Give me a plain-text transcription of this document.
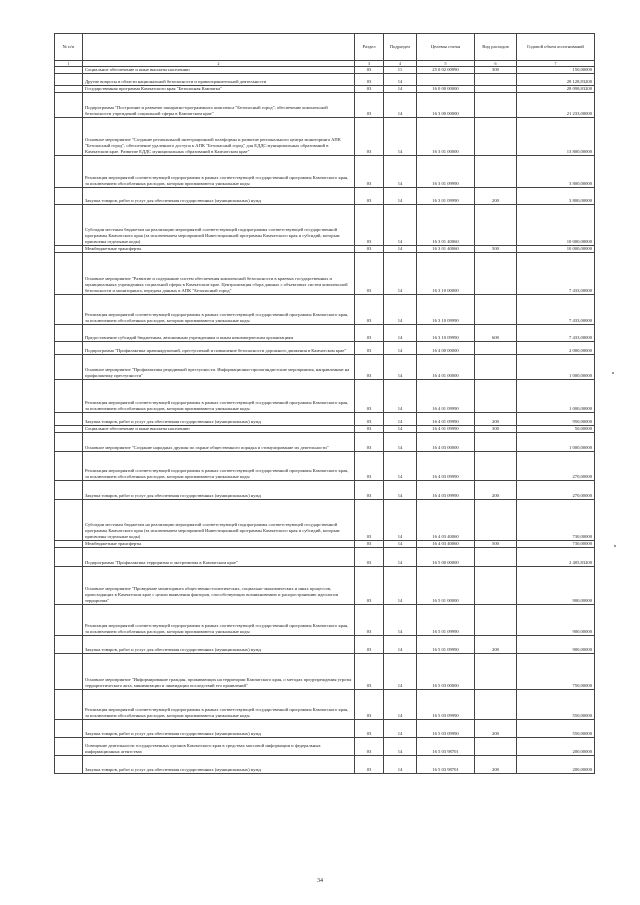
№ п/п		Раздел	Подраздел	Целевая статья	Вид расходов	Годовой объем ассигнований
1	2	3	4	5	6	7
	Социальное обеспечение и иные выплаты населению	03	11	25 0 02 00990	300	150,00000
	Другие вопросы в области национальной безопасности и правоохранительной деятельности	03	14			28 128,83200
	Государственная программа Камчатского края "Безопасная Камчатка"	03	14	16 0 00 00000		28 098,83200
	Подпрограмма "Построение и развитие аппаратно-программного комплекса "Безопасный город", обеспечение комплексной безопасности учреждений социальной сферы в Камчатском крае"	03	14	16 3 00 00000		21 233,00000
	Основное мероприятие "Создание региональной интеграционной платформы и развитие регионального центра мониторинга АПК "Безопасный город", обеспечение удаленного доступа к АПК "Безопасный город" для ЕДДС муниципальных образований в Камчатском крае. Развитие ЕДДС муниципальных образований в Камчатском крае"	03	14	16 3 01 00000		13 800,00000
	Реализация мероприятий соответствующей подпрограммы в рамках соответствующей государственной программы Камчатского края, за исключением обособленных расходов, которым присваиваются уникальные коды	03	14	16 3 01 09990		3 800,00000
	Закупка товаров, работ и услуг для обеспечения государственных (муниципальных) нужд	03	14	16 3 01 09990	200	3 800,00000
	Субсидии местным бюджетам на реализацию мероприятий соответствующей подпрограммы соответствующей государственной программы Камчатского края (за исключением мероприятий Инвестиционной программы Камчатского края и субсидий, которым присвоены отдельные коды)	03	14	16 3 01 40060		10 000,00000
	Межбюджетные трансферты	03	14	16 3 01 40060	500	10 000,00000
	Основное мероприятие "Развитие и содержание систем обеспечения комплексной безопасности в краевых государственных и муниципальных учреждениях социальной сферы в Камчатском крае. Централизация сбора данных с объектовых систем комплексной безопасности и мониторинга, передача данных в АПК "Безопасный город"	03	14	16 3 10 00000		7 433,00000
	Реализация мероприятий соответствующей подпрограммы в рамках соответствующей государственной программы Камчатского края, за исключением обособленных расходов, которым присваиваются уникальные коды	03	14	16 3 10 09990		7 433,00000
	Предоставление субсидий бюджетным, автономным учреждениям и иным некоммерческим организациям	03	14	16 3 10 09990	600	7 433,00000
	Подпрограмма "Профилактика правонарушений, преступлений и повышение безопасности дорожного движения в Камчатском крае"	03	14	16 4 00 00000		2 000,00000
	Основное мероприятие "Профилактика рецидивной преступности. Информационно-пропагандистские мероприятия, направленные на профилактику преступности"	03	14	16 4 01 00000		1 000,00000
	Реализация мероприятий соответствующей подпрограммы в рамках соответствующей государственной программы Камчатского края, за исключением обособленных расходов, которым присваиваются уникальные коды	03	14	16 4 01 09990		1 000,00000
	Закупка товаров, работ и услуг для обеспечения государственных (муниципальных) нужд	03	14	16 4 01 09990	200	950,00000
	Социальное обеспечение и иные выплаты населению	03	14	16 4 01 09990	300	50,00000
	Основное мероприятие "Создание народных дружин по охране общественного порядка и стимулирование их деятельности"	03	14	16 4 03 00000		1 000,00000
	Реализация мероприятий соответствующей подпрограммы в рамках соответствующей государственной программы Камчатского края, за исключением обособленных расходов, которым присваиваются уникальные коды	03	14	16 4 03 09990		270,00000
	Закупка товаров, работ и услуг для обеспечения государственных (муниципальных) нужд	03	14	16 4 03 09990	200	270,00000
	Субсидии местным бюджетам на реализацию мероприятий соответствующей подпрограммы соответствующей государственной программы Камчатского края (за исключением мероприятий Инвестиционной программы Камчатского края и субсидий, которым присвоены отдельные коды)	03	14	16 4 03 40060		730,00000
	Межбюджетные трансферты	03	14	16 4 03 40060	500	730,00000
	Подпрограмма "Профилактика терроризма и экстремизма в Камчатском крае"	03	14	16 5 00 00000		2 405,83200
	Основное мероприятие "Проведение мониторинга общественно-политических, социально-экономических и иных процессов, происходящих в Камчатском крае с целью выявления факторов, способствующих возникновению и распространению идеологии терроризма"	03	14	16 5 01 00000		900,00000
	Реализация мероприятий соответствующей подпрограммы в рамках соответствующей государственной программы Камчатского края, за исключением обособленных расходов, которым присваиваются уникальные коды	03	14	16 5 01 09990		900,00000
	Закупка товаров, работ и услуг для обеспечения государственных (муниципальных) нужд	03	14	16 5 01 09990	200	900,00000
	Основное мероприятие "Информирование граждан, проживающих на территории Камчатского края, о методах предупреждения угрозы террористического акта, минимизации и ликвидации последствий его проявлений"	03	14	16 5 03 00000		750,00000
	Реализация мероприятий соответствующей подпрограммы в рамках соответствующей государственной программы Камчатского края, за исключением обособленных расходов, которым присваиваются уникальные коды	03	14	16 5 03 09990		550,00000
	Закупка товаров, работ и услуг для обеспечения государственных (муниципальных) нужд	03	14	16 5 03 09990	200	550,00000
	Освещение деятельности государственных органов Камчатского края в средствах массовой информации и федеральных информационных агентствах	03	14	16 5 03 98701		200,00000
	Закупка товаров, работ и услуг для обеспечения государственных (муниципальных) нужд	03	14	16 5 03 98701	200	200,00000
34
